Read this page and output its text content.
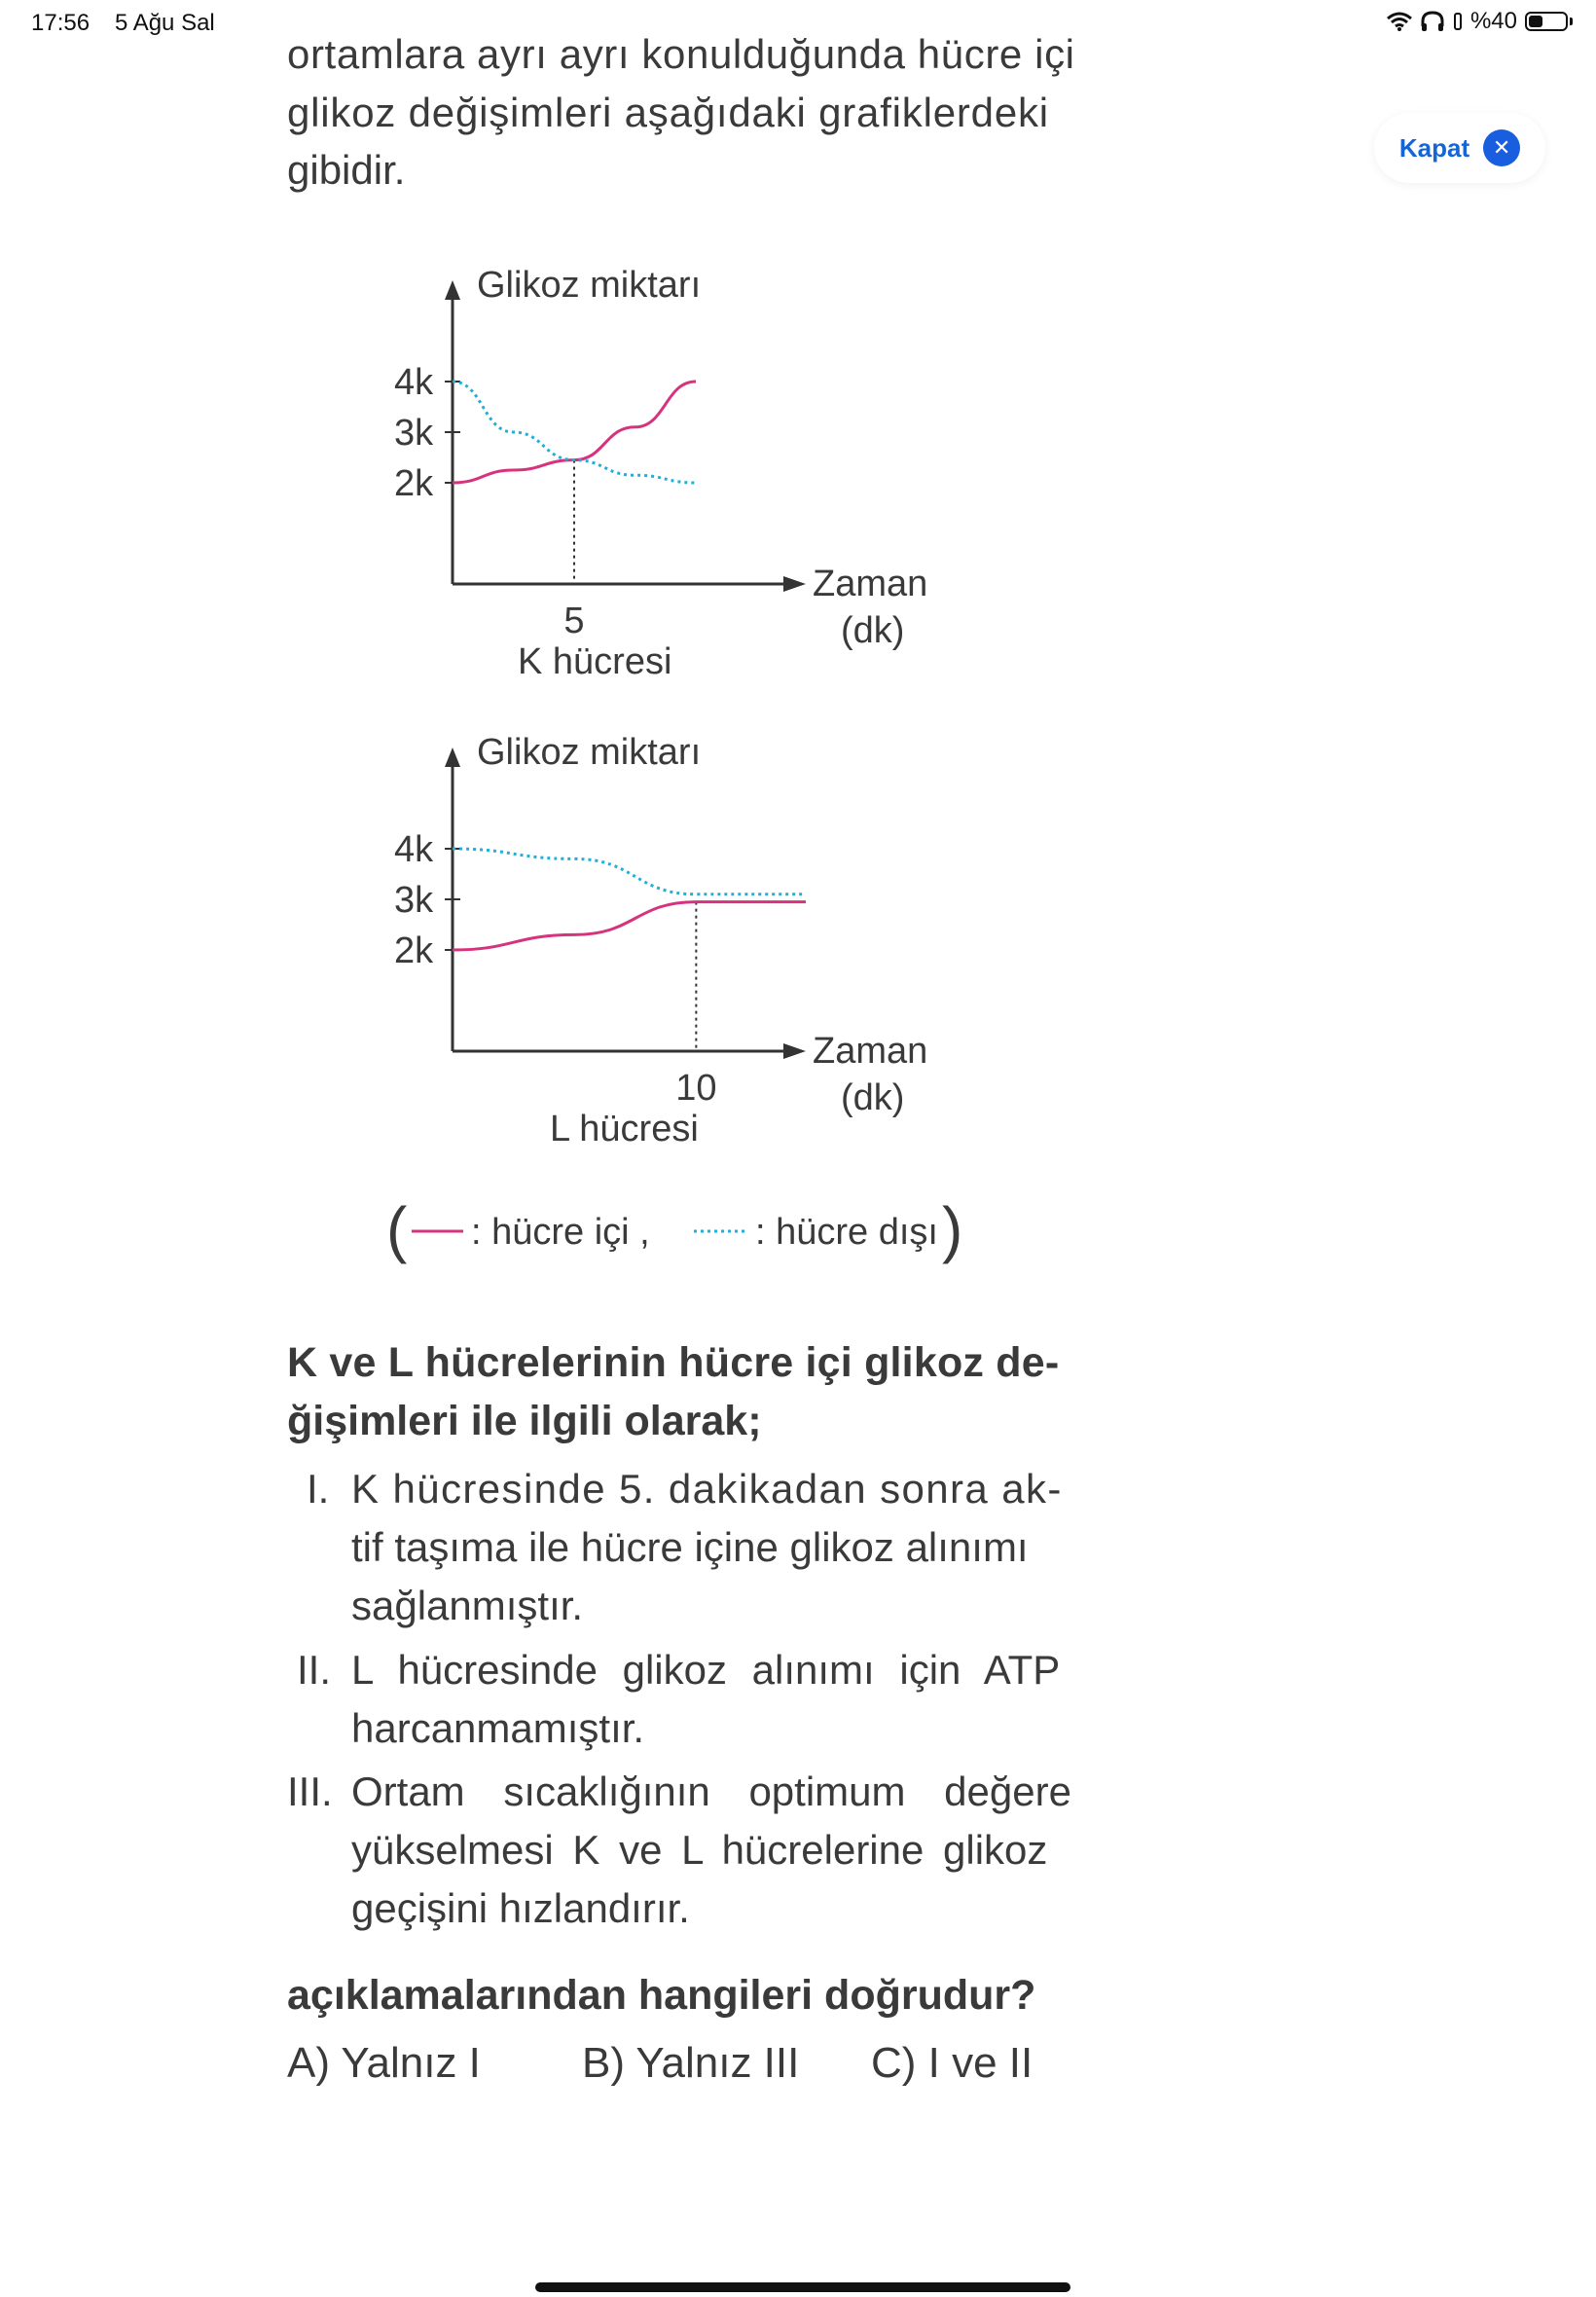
17:56 5 Ağu Sal	%40
Kapat	✕

ortamlara ayrı ayrı konulduğunda hücre içi

glikoz değişimleri aşağıdaki grafiklerdeki

gibidir.

Glikoz miktarı
Zaman
(dk)
4k
3k
2k
5
K hücresi
Glikoz miktarı
Zaman
(dk)
4k
3k
2k
10
L hücresi
( : hücre içi ,	: hücre dışı )
K ve L hücrelerinin hücre içi glikoz de-
ğişimleri ile ilgili olarak;
I. K hücresinde 5. dakikadan sonra ak-
tif taşıma ile hücre içine glikoz alınımı
sağlanmıştır.
II. L hücresinde glikoz alınımı için ATP
harcanmamıştır.
III. Ortam sıcaklığının optimum değere
yükselmesi K ve L hücrelerine glikoz
geçişini hızlandırır.
açıklamalarından hangileri doğrudur?
A) Yalnız I B) Yalnız III C) I ve II
